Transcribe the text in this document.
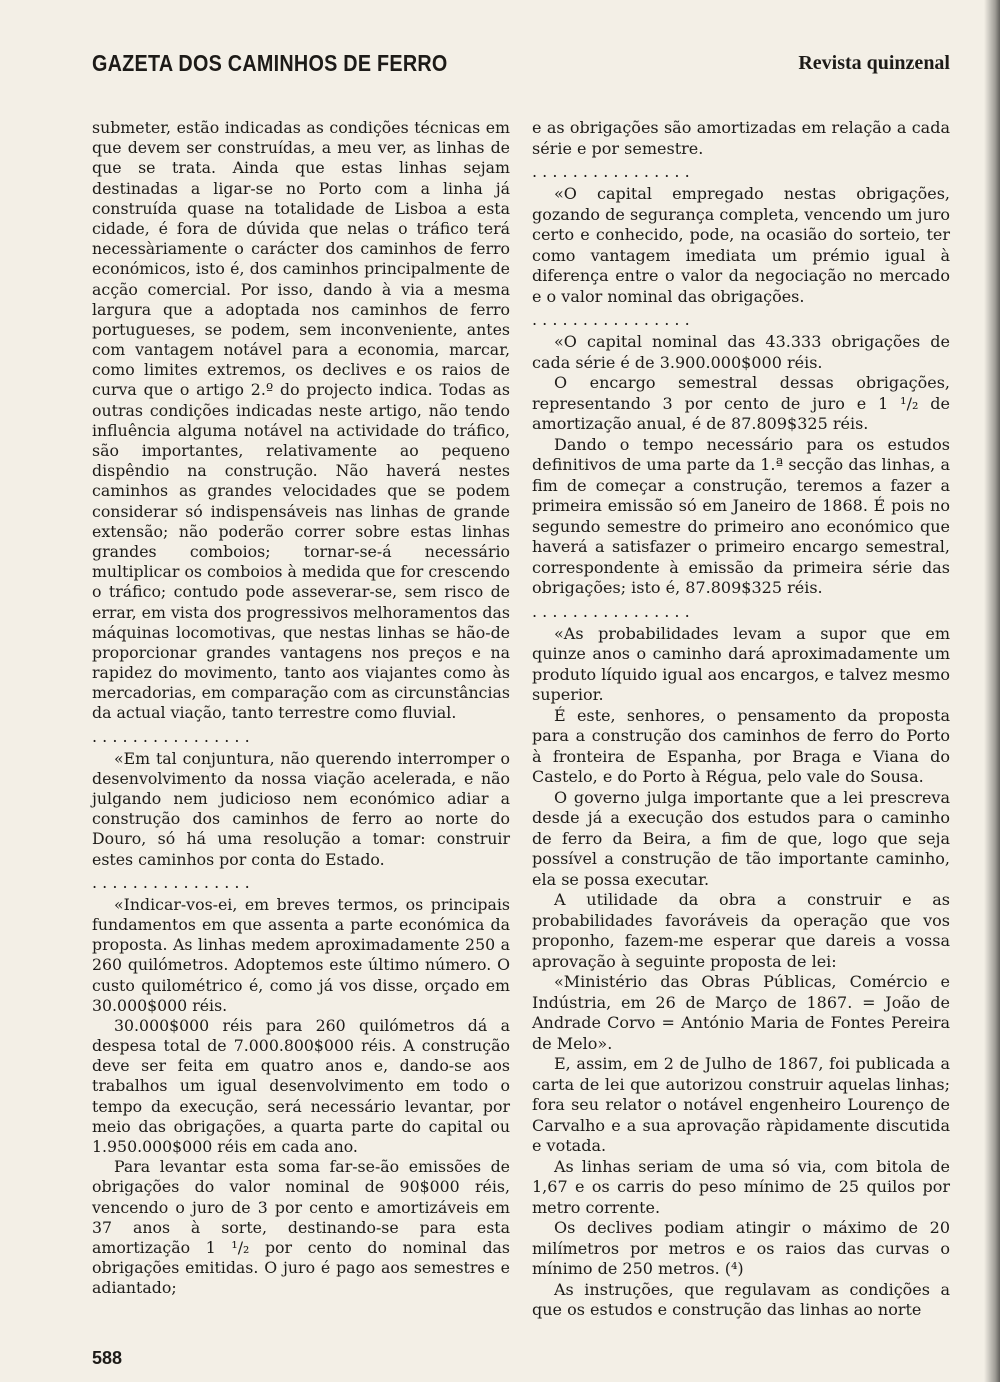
GAZETA DOS CAMINHOS DE FERRO	Revista quinzenal

submeter, estão indicadas as condições técnicas em que devem ser construídas, a meu ver, as linhas de que se trata. Ainda que estas linhas sejam destinadas a ligar-se no Porto com a linha já construída quase na totalidade de Lisboa a esta cidade, é fora de dúvida que nelas o tráfico terá necessàriamente o carácter dos caminhos de ferro económicos, isto é, dos caminhos principalmente de acção comercial. Por isso, dando à via a mesma largura que a adoptada nos caminhos de ferro portugueses, se podem, sem inconveniente, antes com vantagem notável para a economia, marcar, como limites extremos, os declives e os raios de curva que o artigo 2.º do projecto indica. Todas as outras condições indicadas neste artigo, não tendo influência alguma notável na actividade do tráfico, são importantes, relativamente ao pequeno dispêndio na construção. Não haverá nestes caminhos as grandes velocidades que se podem considerar só indispensáveis nas linhas de grande extensão; não poderão correr sobre estas linhas grandes comboios; tornar-se-á necessário multiplicar os comboios à medida que for crescendo o tráfico; contudo pode asseverar-se, sem risco de errar, em vista dos progressivos melhoramentos das máquinas locomotivas, que nestas linhas se hão-de proporcionar grandes vantagens nos preços e na rapidez do movimento, tanto aos viajantes como às mercadorias, em comparação com as circunstâncias da actual viação, tanto terrestre como fluvial.

. . . . . . . . . . . . . . . .

«Em tal conjuntura, não querendo interromper o desenvolvimento da nossa viação acelerada, e não julgando nem judicioso nem económico adiar a construção dos caminhos de ferro ao norte do Douro, só há uma resolução a tomar: construir estes caminhos por conta do Estado.

. . . . . . . . . . . . . . . .

«Indicar-vos-ei, em breves termos, os principais fundamentos em que assenta a parte económica da proposta. As linhas medem aproximadamente 250 a 260 quilómetros. Adoptemos este último número. O custo quilométrico é, como já vos disse, orçado em 30.000$000 réis.

30.000$000 réis para 260 quilómetros dá a despesa total de 7.000.800$000 réis. A construção deve ser feita em quatro anos e, dando-se aos trabalhos um igual desenvolvimento em todo o tempo da execução, será necessário levantar, por meio das obrigações, a quarta parte do capital ou 1.950.000$000 réis em cada ano.

Para levantar esta soma far-se-ão emissões de obrigações do valor nominal de 90$000 réis, vencendo o juro de 3 por cento e amortizáveis em 37 anos à sorte, destinando-se para esta amortização 1 ¹/₂ por cento do nominal das obrigações emitidas. O juro é pago aos semestres e adiantado;

e as obrigações são amortizadas em relação a cada série e por semestre.

. . . . . . . . . . . . . . . .

«O capital empregado nestas obrigações, gozando de segurança completa, vencendo um juro certo e conhecido, pode, na ocasião do sorteio, ter como vantagem imediata um prémio igual à diferença entre o valor da negociação no mercado e o valor nominal das obrigações.

. . . . . . . . . . . . . . . .

«O capital nominal das 43.333 obrigações de cada série é de 3.900.000$000 réis.

O encargo semestral dessas obrigações, representando 3 por cento de juro e 1 ¹/₂ de amortização anual, é de 87.809$325 réis.

Dando o tempo necessário para os estudos definitivos de uma parte da 1.ª secção das linhas, a fim de começar a construção, teremos a fazer a primeira emissão só em Janeiro de 1868. É pois no segundo semestre do primeiro ano económico que haverá a satisfazer o primeiro encargo semestral, correspondente à emissão da primeira série das obrigações; isto é, 87.809$325 réis.

. . . . . . . . . . . . . . . .

«As probabilidades levam a supor que em quinze anos o caminho dará aproximadamente um produto líquido igual aos encargos, e talvez mesmo superior.

É este, senhores, o pensamento da proposta para a construção dos caminhos de ferro do Porto à fronteira de Espanha, por Braga e Viana do Castelo, e do Porto à Régua, pelo vale do Sousa.

O governo julga importante que a lei prescreva desde já a execução dos estudos para o caminho de ferro da Beira, a fim de que, logo que seja possível a construção de tão importante caminho, ela se possa executar.

A utilidade da obra a construir e as probabilidades favoráveis da operação que vos proponho, fazem-me esperar que dareis a vossa aprovação à seguinte proposta de lei:

«Ministério das Obras Públicas, Comércio e Indústria, em 26 de Março de 1867. = João de Andrade Corvo = António Maria de Fontes Pereira de Melo».

E, assim, em 2 de Julho de 1867, foi publicada a carta de lei que autorizou construir aquelas linhas; fora seu relator o notável engenheiro Lourenço de Carvalho e a sua aprovação ràpidamente discutida e votada.

As linhas seriam de uma só via, com bitola de 1,67 e os carris do peso mínimo de 25 quilos por metro corrente.

Os declives podiam atingir o máximo de 20 milímetros por metros e os raios das curvas o mínimo de 250 metros. (⁴)

As instruções, que regulavam as condições a que os estudos e construção das linhas ao norte

588
